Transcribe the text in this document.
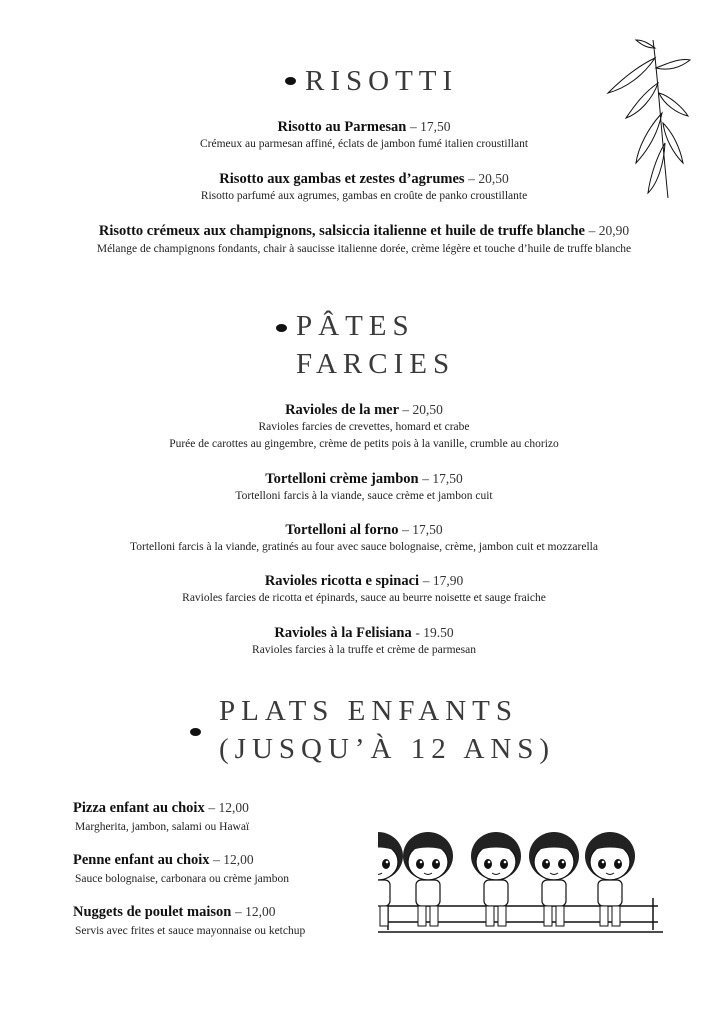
RISOTTI
Risotto au Parmesan – 17,50
Crémeux au parmesan affiné, éclats de jambon fumé italien croustillant
Risotto aux gambas et zestes d’agrumes – 20,50
Risotto parfumé aux agrumes, gambas en croûte de panko croustillante
Risotto crémeux aux champignons, salsiccia italienne et huile de truffe blanche – 20,90
Mélange de champignons fondants, chair à saucisse italienne dorée, crème légère et touche d’huile de truffe blanche
PÂTES
FARCIES
Ravioles de la mer – 20,50
Ravioles farcies de crevettes, homard et crabe
Purée de carottes au gingembre, crème de petits pois à la vanille, crumble au chorizo
Tortelloni crème jambon – 17,50
Tortelloni farcis à la viande, sauce crème et jambon cuit
Tortelloni al forno – 17,50
Tortelloni farcis à la viande, gratinés au four avec sauce bolognaise, crème, jambon cuit et mozzarella
Ravioles ricotta e spinaci – 17,90
Ravioles farcies de ricotta et épinards, sauce au beurre noisette et sauge fraiche
Ravioles à la Felisiana - 19.50
Ravioles farcies à la truffe et crème de parmesan
PLATS ENFANTS
(JUSQU’À 12 ANS)
Pizza enfant au choix – 12,00
Margherita, jambon, salami ou Hawaï
Penne enfant au choix – 12,00
Sauce bolognaise, carbonara ou crème jambon
Nuggets de poulet maison – 12,00
Servis avec frites et sauce mayonnaise ou ketchup
